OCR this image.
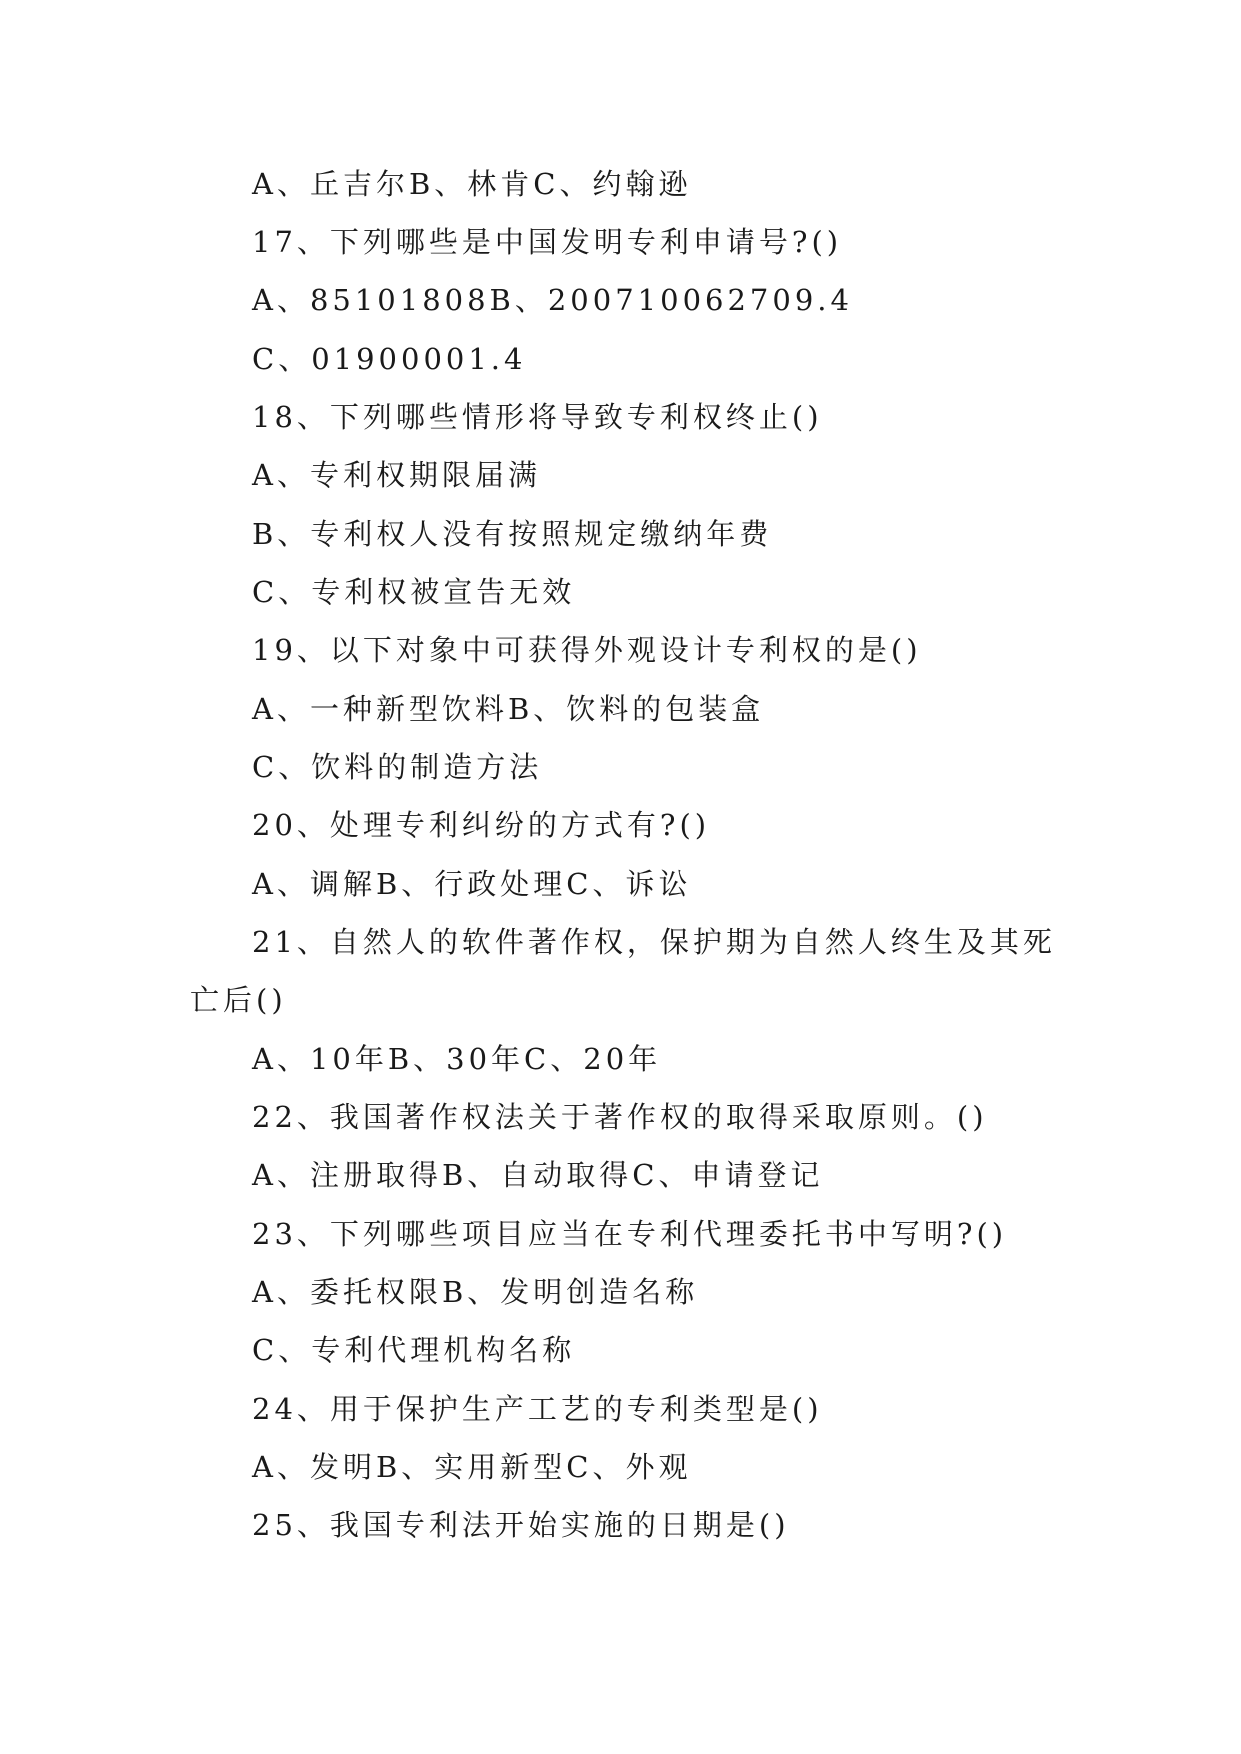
A、丘吉尔B、林肯C、约翰逊
17、下列哪些是中国发明专利申请号?()
A、85101808B、200710062709.4
C、01900001.4
18、下列哪些情形将导致专利权终止()
A、专利权期限届满
B、专利权人没有按照规定缴纳年费
C、专利权被宣告无效
19、以下对象中可获得外观设计专利权的是()
A、一种新型饮料B、饮料的包装盒
C、饮料的制造方法
20、处理专利纠纷的方式有?()
A、调解B、行政处理C、诉讼
21、自然人的软件著作权，保护期为自然人终生及其死
亡后()
A、10年B、30年C、20年
22、我国著作权法关于著作权的取得采取原则。()
A、注册取得B、自动取得C、申请登记
23、下列哪些项目应当在专利代理委托书中写明?()
A、委托权限B、发明创造名称
C、专利代理机构名称
24、用于保护生产工艺的专利类型是()
A、发明B、实用新型C、外观
25、我国专利法开始实施的日期是()
